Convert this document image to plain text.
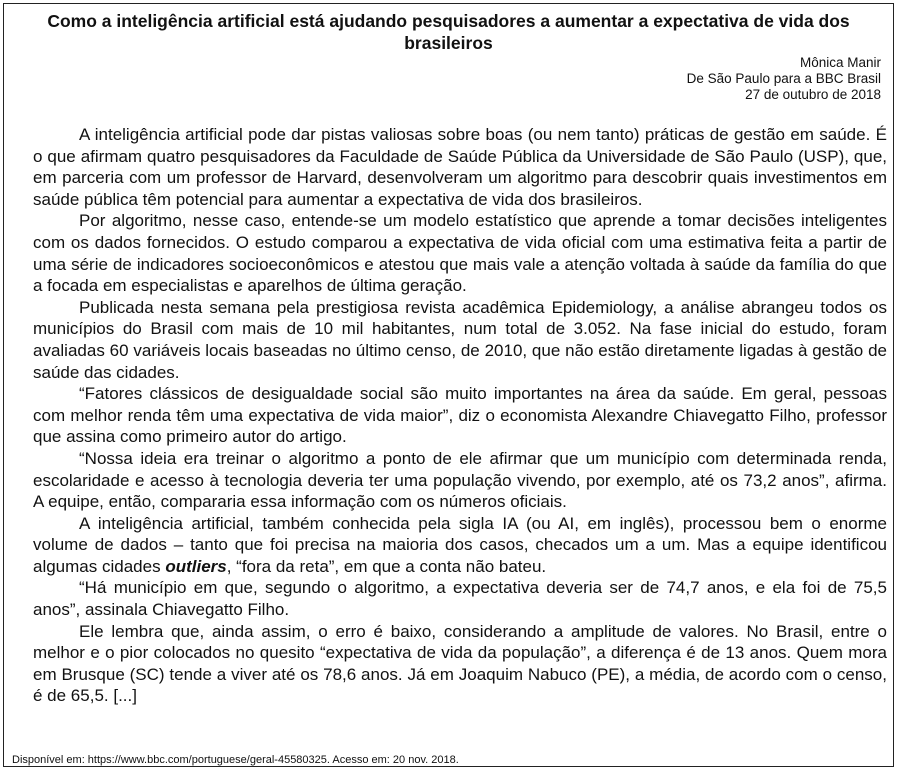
Como a inteligência artificial está ajudando pesquisadores a aumentar a expectativa de vida dos brasileiros
Mônica Manir
De São Paulo para a BBC Brasil
27 de outubro de 2018

A inteligência artificial pode dar pistas valiosas sobre boas (ou nem tanto) práticas de gestão em saúde. É o que afirmam quatro pesquisadores da Faculdade de Saúde Pública da Universidade de São Paulo (USP), que, em parceria com um professor de Harvard, desenvolveram um algoritmo para descobrir quais investimentos em saúde pública têm potencial para aumentar a expectativa de vida dos brasileiros.

Por algoritmo, nesse caso, entende-se um modelo estatístico que aprende a tomar decisões inteligentes com os dados fornecidos. O estudo comparou a expectativa de vida oficial com uma estimativa feita a partir de uma série de indicadores socioeconômicos e atestou que mais vale a atenção voltada à saúde da família do que a focada em especialistas e aparelhos de última geração.

Publicada nesta semana pela prestigiosa revista acadêmica Epidemiology, a análise abrangeu todos os municípios do Brasil com mais de 10 mil habitantes, num total de 3.052. Na fase inicial do estudo, foram avaliadas 60 variáveis locais baseadas no último censo, de 2010, que não estão diretamente ligadas à gestão de saúde das cidades.

“Fatores clássicos de desigualdade social são muito importantes na área da saúde. Em geral, pessoas com melhor renda têm uma expectativa de vida maior”, diz o economista Alexandre Chiavegatto Filho, professor que assina como primeiro autor do artigo.

“Nossa ideia era treinar o algoritmo a ponto de ele afirmar que um município com determinada renda, escolaridade e acesso à tecnologia deveria ter uma população vivendo, por exemplo, até os 73,2 anos”, afirma. A equipe, então, compararia essa informação com os números oficiais.

A inteligência artificial, também conhecida pela sigla IA (ou AI, em inglês), processou bem o enorme volume de dados – tanto que foi precisa na maioria dos casos, checados um a um. Mas a equipe identificou algumas cidades outliers, “fora da reta”, em que a conta não bateu.

“Há município em que, segundo o algoritmo, a expectativa deveria ser de 74,7 anos, e ela foi de 75,5 anos”, assinala Chiavegatto Filho.

Ele lembra que, ainda assim, o erro é baixo, considerando a amplitude de valores. No Brasil, entre o melhor e o pior colocados no quesito “expectativa de vida da população”, a diferença é de 13 anos. Quem mora em Brusque (SC) tende a viver até os 78,6 anos. Já em Joaquim Nabuco (PE), a média, de acordo com o censo, é de 65,5. [...]

Disponível em: https://www.bbc.com/portuguese/geral-45580325. Acesso em: 20 nov. 2018.
